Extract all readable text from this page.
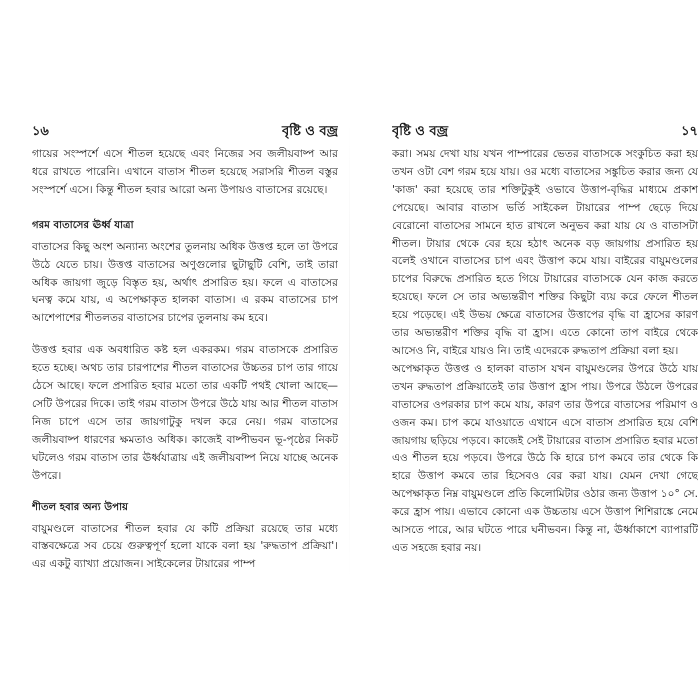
১৬	বৃষ্টি ও বজ্র

গায়ের সংস্পর্শে এসে শীতল হয়েছে এবং নিজের সব জলীয়বাষ্প আর ধরে রাখতে পারেনি। এখানে বাতাস শীতল হয়েছে সরাসরি শীতল বস্তুর সংস্পর্শে এসে। কিন্তু শীতল হবার আরো অন্য উপায়ও বাতাসের রয়েছে।

গরম বাতাসের ঊর্ধ্ব যাত্রা

বাতাসের কিছু অংশ অন্যান্য অংশের তুলনায় অধিক উত্তপ্ত হলে তা উপরে উঠে যেতে চায়। উত্তপ্ত বাতাসের অণুগুলোর ছুটাছুটি বেশি, তাই তারা অধিক জায়গা জুড়ে বিস্তৃত হয়, অর্থাৎ প্রসারিত হয়। ফলে এ বাতাসের ঘনত্ব কমে যায়, এ অপেক্ষাকৃত হালকা বাতাস। এ রকম বাতাসের চাপ আশেপাশের শীতলতর বাতাসের চাপের তুলনায় কম হবে।

উত্তপ্ত হবার এক অবধারিত কষ্ট হল একরকম। গরম বাতাসকে প্রসারিত হতে হচ্ছে। অথচ তার চারপাশের শীতল বাতাসের উচ্চতর চাপ তার গায়ে ঠেসে আছে। ফলে প্রসারিত হবার মতো তার একটি পথই খোলা আছে—সেটি উপরের দিকে। তাই গরম বাতাস উপরে উঠে যায় আর শীতল বাতাস নিজ চাপে এসে তার জায়গাটুকু দখল করে নেয়। গরম বাতাসের জলীয়বাষ্প ধারণের ক্ষমতাও অধিক। কাজেই বাষ্পীভবন ভূ-পৃষ্ঠের নিকট ঘটলেও গরম বাতাস তার ঊর্ধ্বযাত্রায় এই জলীয়বাষ্প নিয়ে যাচ্ছে অনেক উপরে।

শীতল হবার অন্য উপায়

বায়ুমণ্ডলে বাতাসের শীতল হবার যে কটি প্রক্রিয়া রয়েছে তার মধ্যে বাস্তবক্ষেত্রে সব চেয়ে গুরুত্বপূর্ণ হলো যাকে বলা হয় 'রুদ্ধতাপ প্রক্রিয়া'। এর একটু ব্যাখ্যা প্রয়োজন। সাইকেলের টায়ারের পাম্প

বৃষ্টি ও বজ্র	১৭

করা। সময় দেখা যায় যখন পাম্পারের ভেতর বাতাসকে সংকুচিত করা হয় তখন ওটা বেশ গরম হয়ে যায়। ওর মধ্যে বাতাসের সঙ্কুচিত করার জন্য যে 'কাজ' করা হয়েছে তার শক্তিটুকুই ওভাবে উত্তাপ-বৃদ্ধির মাধ্যমে প্রকাশ পেয়েছে। আবার বাতাস ভর্তি সাইকেল টায়ারের পাম্প ছেড়ে দিয়ে বেরোনো বাতাসের সামনে হাত রাখলে অনুভব করা যায় যে ও বাতাসটা শীতল। টায়ার থেকে বের হয়ে হঠাৎ অনেক বড় জায়গায় প্রসারিত হয় বলেই ওখানে বাতাসের চাপ এবং উত্তাপ কমে যায়। বাইরের বায়ুমণ্ডলের চাপের বিরুদ্ধে প্রসারিত হতে গিয়ে টায়ারের বাতাসকে যেন কাজ করতে হয়েছে। ফলে সে তার অভ্যন্তরীণ শক্তির কিছুটা ব্যয় করে ফেলে শীতল হয়ে পড়েছে। এই উভয় ক্ষেত্রে বাতাসের উত্তাপের বৃদ্ধি বা হ্রাসের কারণ তার অভ্যন্তরীণ শক্তির বৃদ্ধি বা হ্রাস। এতে কোনো তাপ বাইরে থেকে আসেও নি, বাইরে যায়ও নি। তাই এদেরকে রুদ্ধতাপ প্রক্রিয়া বলা হয়।

অপেক্ষাকৃত উত্তপ্ত ও হালকা বাতাস যখন বায়ুমণ্ডলের উপরে উঠে যায় তখন রুদ্ধতাপ প্রক্রিয়াতেই তার উত্তাপ হ্রাস পায়। উপরে উঠলে উপরের বাতাসের ওপরকার চাপ কমে যায়, কারণ তার উপরে বাতাসের পরিমাণ ও ওজন কম। চাপ কমে যাওয়াতে এখানে এসে বাতাস প্রসারিত হয়ে বেশি জায়গায় ছড়িয়ে পড়বে। কাজেই সেই টায়ারের বাতাস প্রসারিত হবার মতো এও শীতল হয়ে পড়বে। উপরে উঠে কি হারে চাপ কমবে তার থেকে কি হারে উত্তাপ কমবে তার হিসেবও বের করা যায়। যেমন দেখা গেছে অপেক্ষাকৃত নিম্ন বায়ুমণ্ডলে প্রতি কিলোমিটার ওঠার জন্য উত্তাপ ১০° সে. করে হ্রাস পায়। এভাবে কোনো এক উচ্চতায় এসে উত্তাপ শিশিরাঙ্কে নেমে আসতে পারে, আর ঘটতে পারে ঘনীভবন। কিন্তু না, ঊর্ধ্বাকাশে ব্যাপারটি এত সহজে হবার নয়।
